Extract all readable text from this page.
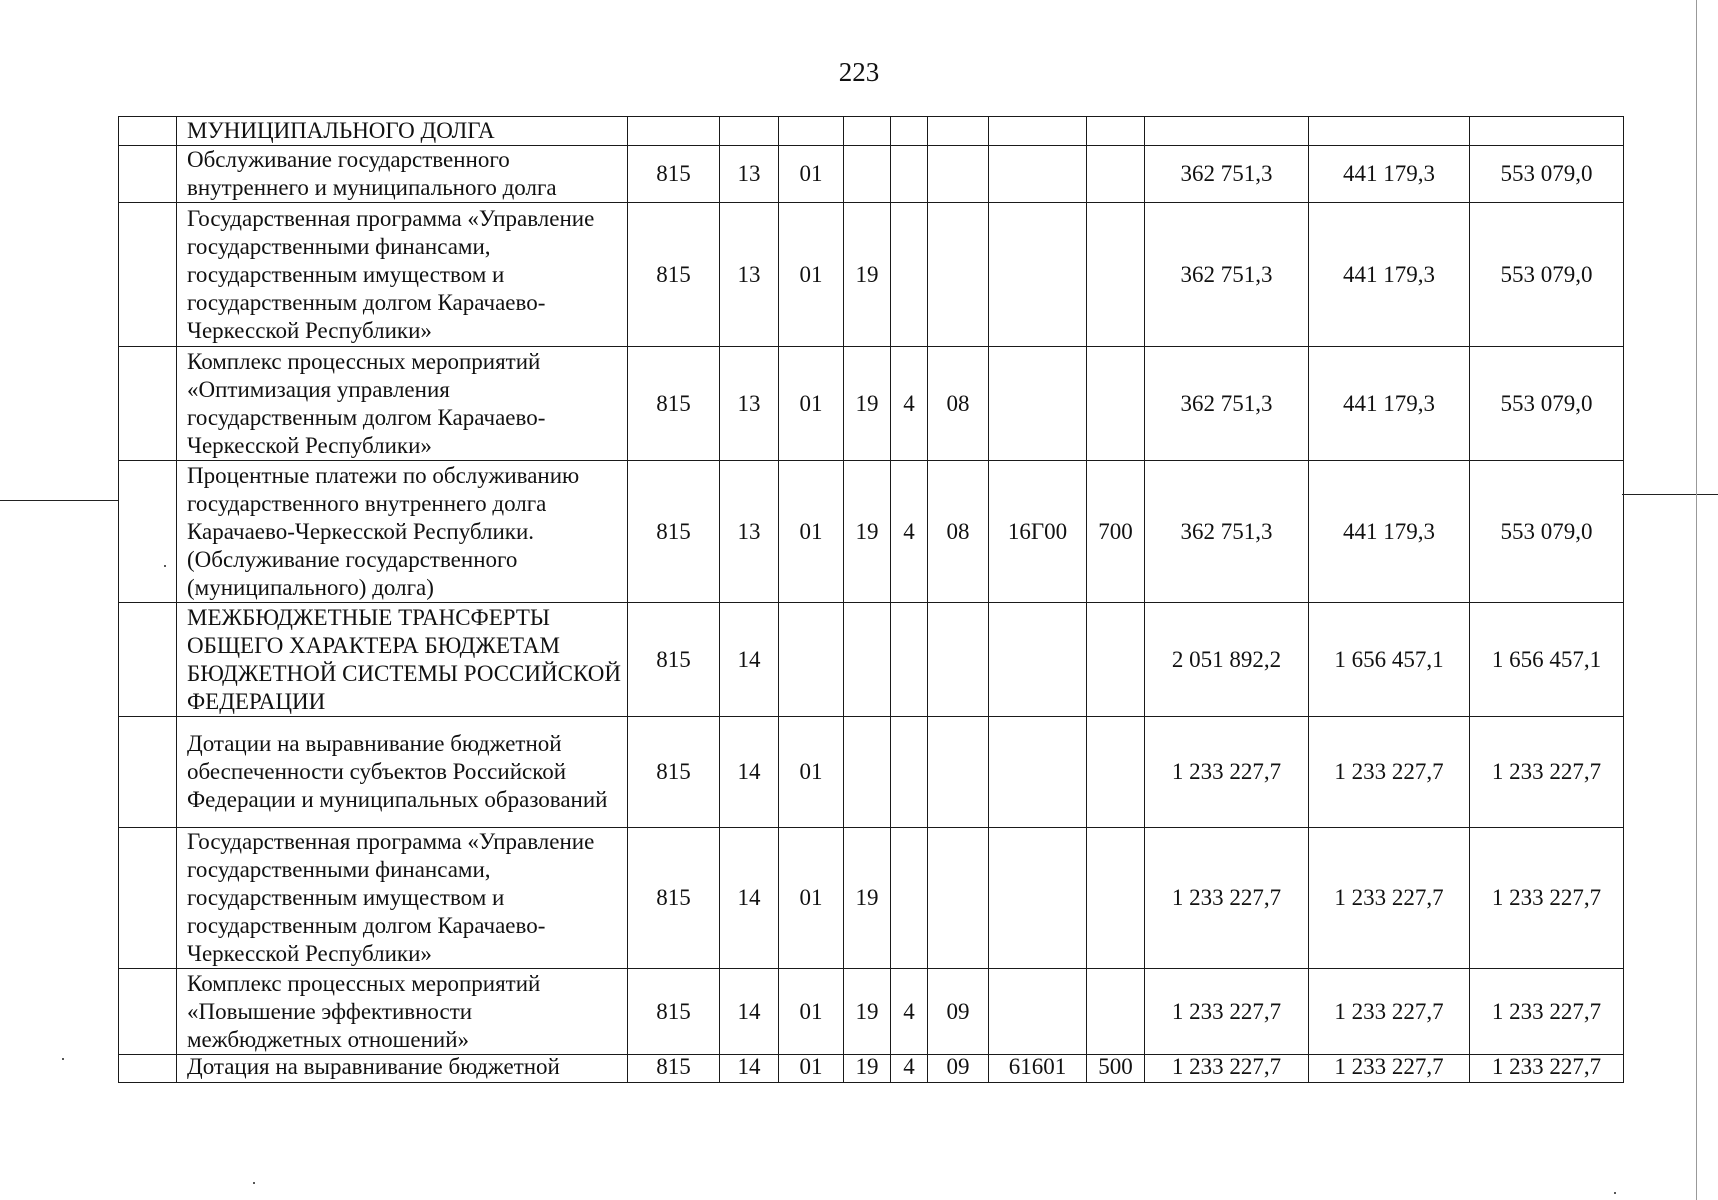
223
	МУНИЦИПАЛЬНОГО ДОЛГА											
	Обслуживание государственного внутреннего и муниципального долга	815	13	01						362 751,3	441 179,3	553 079,0
	Государственная программа «Управление государственными финансами, государственным имуществом и государственным долгом Карачаево-Черкесской Республики»	815	13	01	19					362 751,3	441 179,3	553 079,0
	Комплекс процессных мероприятий «Оптимизация управления государственным долгом Карачаево-Черкесской Республики»	815	13	01	19	4	08			362 751,3	441 179,3	553 079,0
	Процентные платежи по обслуживанию государственного внутреннего долга Карачаево-Черкесской Республики. (Обслуживание государственного (муниципального) долга)	815	13	01	19	4	08	16Г00	700	362 751,3	441 179,3	553 079,0
	МЕЖБЮДЖЕТНЫЕ ТРАНСФЕРТЫ ОБЩЕГО ХАРАКТЕРА БЮДЖЕТАМ БЮДЖЕТНОЙ СИСТЕМЫ РОССИЙСКОЙ ФЕДЕРАЦИИ	815	14							2 051 892,2	1 656 457,1	1 656 457,1
	Дотации на выравнивание бюджетной обеспеченности субъектов Российской Федерации и муниципальных образований	815	14	01						1 233 227,7	1 233 227,7	1 233 227,7
	Государственная программа «Управление государственными финансами, государственным имуществом и государственным долгом Карачаево-Черкесской Республики»	815	14	01	19					1 233 227,7	1 233 227,7	1 233 227,7
	Комплекс процессных мероприятий «Повышение эффективности межбюджетных отношений»	815	14	01	19	4	09			1 233 227,7	1 233 227,7	1 233 227,7
	Дотация на выравнивание бюджетной	815	14	01	19	4	09	61601	500	1 233 227,7	1 233 227,7	1 233 227,7
